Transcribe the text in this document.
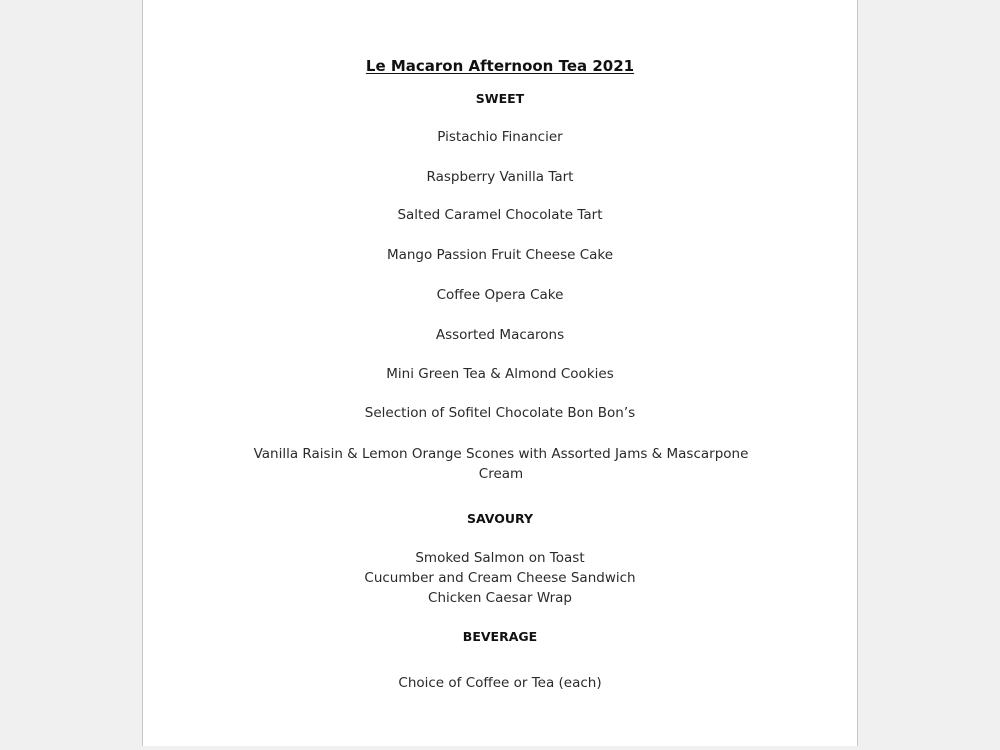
Le Macaron Afternoon Tea 2021
SWEET
Pistachio Financier
Raspberry Vanilla Tart
Salted Caramel Chocolate Tart
Mango Passion Fruit Cheese Cake
Coffee Opera Cake
Assorted Macarons
Mini Green Tea & Almond Cookies
Selection of Sofitel Chocolate Bon Bon’s
Vanilla Raisin & Lemon Orange Scones with Assorted Jams & Mascarpone Cream
SAVOURY
Smoked Salmon on Toast
Cucumber and Cream Cheese Sandwich
Chicken Caesar Wrap
BEVERAGE
Choice of Coffee or Tea (each)
